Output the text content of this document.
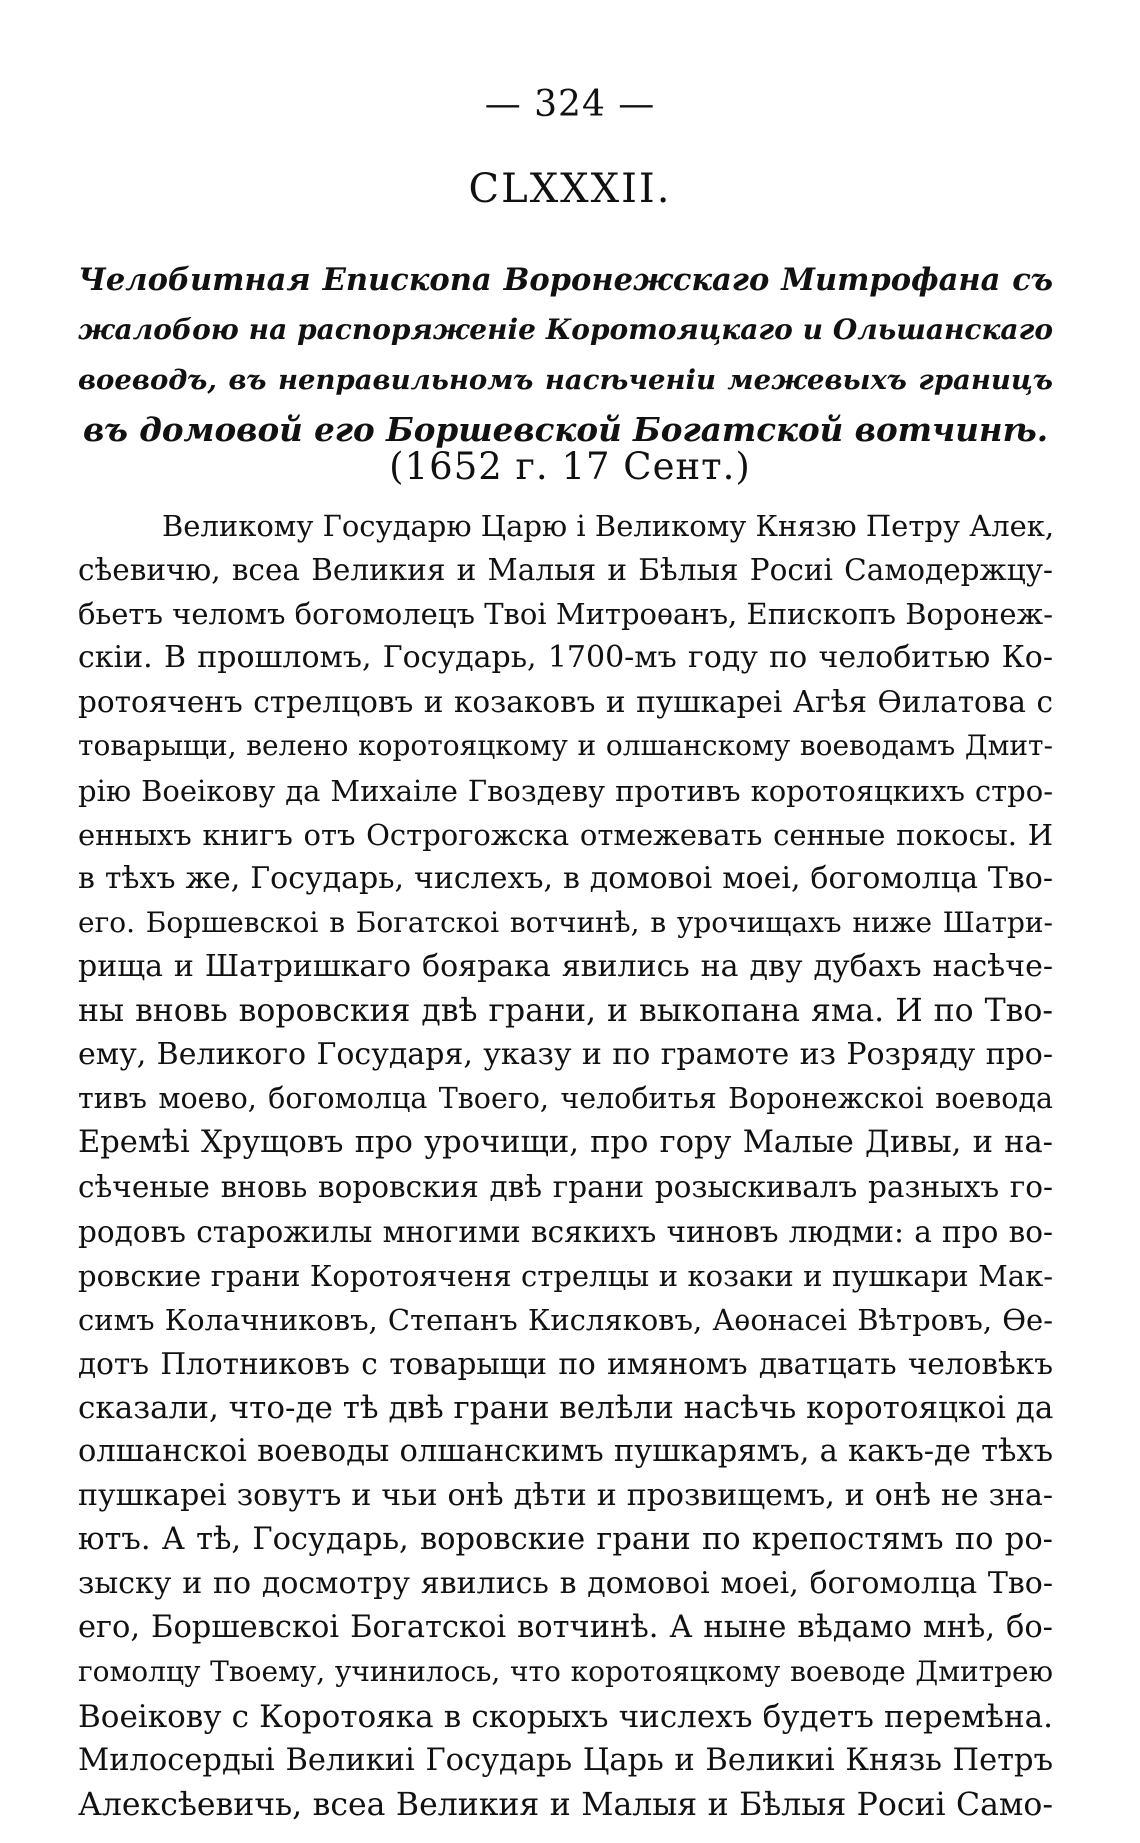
— 324 —
CLXXXII.
Челобитная Епископа Воронежскаго Митрофана съ
жалобою на распоряженіе Коротояцкаго и Ольшанскаго
воеводъ, въ неправильномъ насѣченіи межевыхъ границъ
въ домовой его Боршевской Богатской вотчинѣ.
(1652 г. 17 Сент.)
Великому Государю Царю і Великому Князю Петру Алек,
сѣевичю, всеа Великия и Малыя и Бѣлыя Росиі Самодержцу-
бьетъ челомъ богомолецъ Твоі Митроѳанъ, Епископъ Воронеж-
скіи. В прошломъ, Государь, 1700-мъ году по челобитью Ко-
ротояченъ стрелцовъ и козаковъ и пушкареі Агѣя Ѳилатова с
товарыщи, велено коротояцкому и олшанскому воеводамъ Дмит-
рію Воеікову да Михаіле Гвоздеву противъ коротояцкихъ стро-
енныхъ книгъ отъ Острогожска отмежевать сенные покосы. И
в тѣхъ же, Государь, числехъ, в домовоі моеі, богомолца Тво-
его. Боршевскоі в Богатскоі вотчинѣ, в урочищахъ ниже Шатри-
рища и Шатришкаго бояракa явились на дву дубахъ насѣче-
ны вновь воровския двѣ грани, и выкопана яма. И по Тво-
ему, Великого Государя, указу и по грамоте из Розряду про-
тивъ моево, богомолца Твоего, челобитья Воронежскоі воевода
Еремѣі Хрущовъ про урочищи, про гору Малые Дивы, и на-
сѣченые вновь воровския двѣ грани розыскивалъ разныхъ го-
родовъ старожилы многими всякихъ чиновъ людми: а про во-
ровские грани Коротояченя стрелцы и козаки и пушкари Мак-
симъ Колачниковъ, Степанъ Кисляковъ, Аѳонасеі Вѣтровъ, Ѳе-
дотъ Плотниковъ с товарыщи по имяномъ дватцать человѣкъ
сказали, что-де тѣ двѣ грани велѣли насѣчь коротояцкоі да
олшанскоі воеводы олшанскимъ пушкарямъ, а какъ-де тѣхъ
пушкареі зовутъ и чьи онѣ дѣти и прозвищемъ, и онѣ не зна-
ютъ. А тѣ, Государь, воровские грани по крепостямъ по ро-
зыску и по досмотру явились в домовоі моеі, богомолца Тво-
его, Боршевскоі Богатскоі вотчинѣ. А ныне вѣдамо мнѣ, бо-
гомолцу Твоему, учинилось, что коротояцкому воеводе Дмитрею
Воеікову с Коротояка в скорыхъ числехъ будетъ перемѣна.
Милосердыі Великиі Государь Царь и Великиі Князь Петръ
Алексѣевичь, всеа Великия и Малыя и Бѣлыя Росиі Само-
